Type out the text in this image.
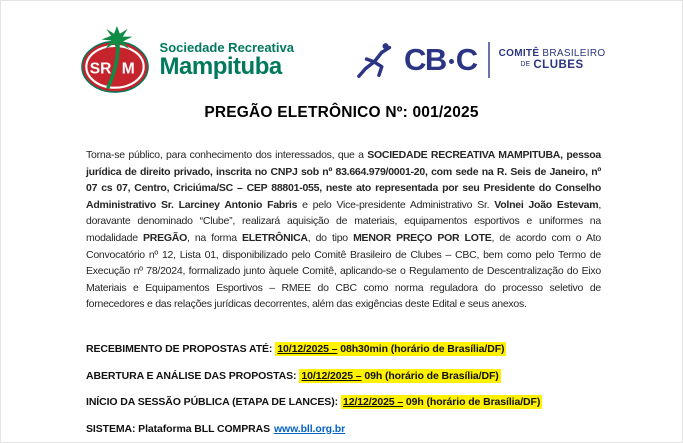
SR M
Sociedade Recreativa
Mampituba	CB C COMITÊ BRASILEIRO
DE CLUBES
PREGÃO ELETRÔNICO Nº: 001/2025

Torna-se público, para conhecimento dos interessados, que a SOCIEDADE RECREATIVA MAMPITUBA, pessoa jurídica de direito privado, inscrita no CNPJ sob nº 83.664.979/0001-20, com sede na R. Seis de Janeiro, nº 07 cs 07, Centro, Criciúma/SC – CEP 88801-055, neste ato representada por seu Presidente do Conselho Administrativo Sr. Larciney Antonio Fabris e pelo Vice-presidente Administrativo Sr. Volnei João Estevam, doravante denominado “Clube”, realizará aquisição de materiais, equipamentos esportivos e uniformes na modalidade PREGÃO, na forma ELETRÔNICA, do tipo MENOR PREÇO POR LOTE, de acordo com o Ato Convocatório nº 12, Lista 01, disponibilizado pelo Comitê Brasileiro de Clubes – CBC, bem como pelo Termo de Execução nº 78/2024, formalizado junto àquele Comitê, aplicando-se o Regulamento de Descentralização do Eixo Materiais e Equipamentos Esportivos – RMEE do CBC como norma reguladora do processo seletivo de fornecedores e das relações jurídicas decorrentes, além das exigências deste Edital e seus anexos.

RECEBIMENTO DE PROPOSTAS ATÉ: 10/12/2025 – 08h30min (horário de Brasília/DF)
ABERTURA E ANÁLISE DAS PROPOSTAS: 10/12/2025 – 09h (horário de Brasília/DF)
INÍCIO DA SESSÃO PÚBLICA (ETAPA DE LANCES): 12/12/2025 – 09h (horário de Brasília/DF)
SISTEMA: Plataforma BLL COMPRAS www.bll.org.br
